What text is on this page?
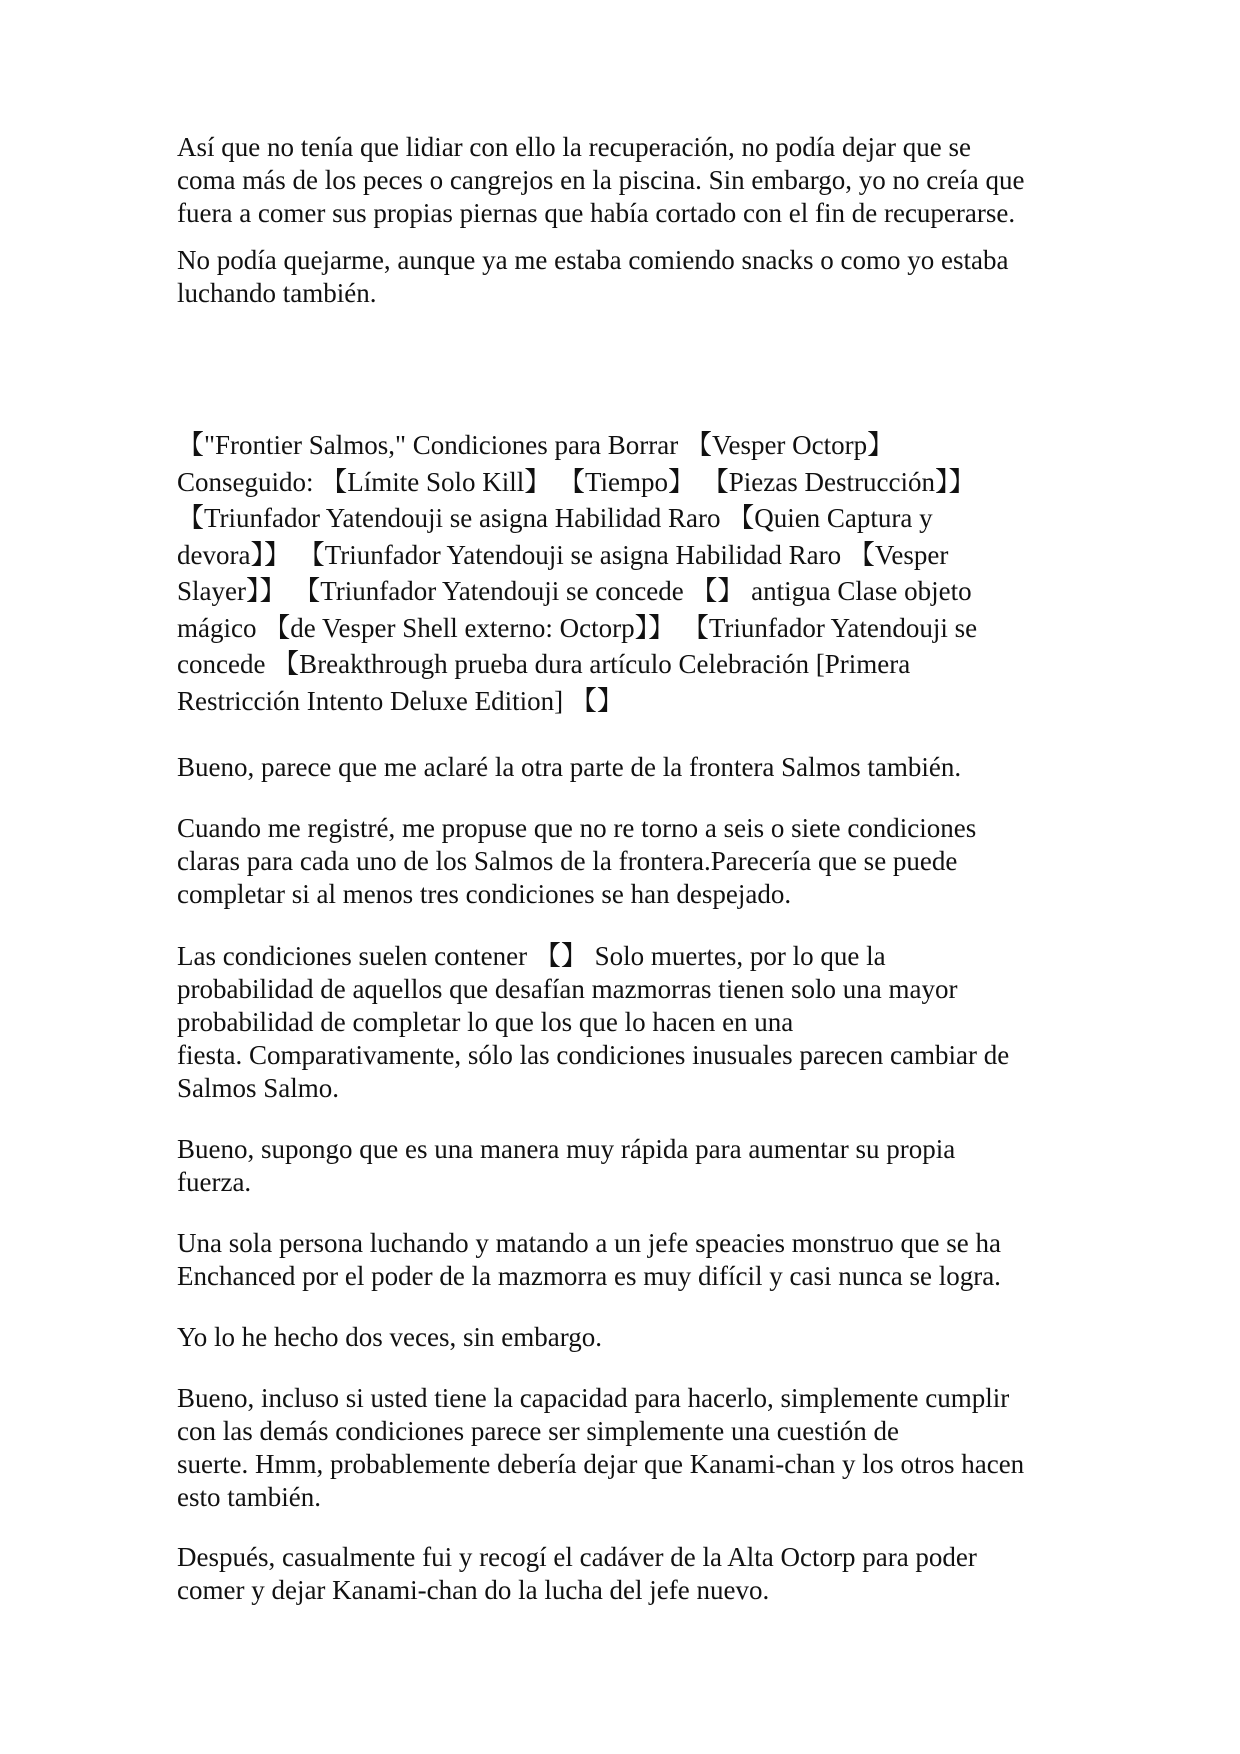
Así que no tenía que lidiar con ello la recuperación, no podía dejar que se
coma más de los peces o cangrejos en la piscina. Sin embargo, yo no creía que
fuera a comer sus propias piernas que había cortado con el fin de recuperarse.

No podía quejarme, aunque ya me estaba comiendo snacks o como yo estaba
luchando también.

【"Frontier Salmos," Condiciones para Borrar 【Vesper Octorp】
Conseguido: 【Límite Solo Kill】 【Tiempo】 【Piezas Destrucción】】
【Triunfador Yatendouji se asigna Habilidad Raro 【Quien Captura y
devora】】 【Triunfador Yatendouji se asigna Habilidad Raro 【Vesper
Slayer】】 【Triunfador Yatendouji se concede 【】 antigua Clase objeto
mágico 【de Vesper Shell externo: Octorp】】 【Triunfador Yatendouji se
concede 【Breakthrough prueba dura artículo Celebración [Primera
Restricción Intento Deluxe Edition] 【】

Bueno, parece que me aclaré la otra parte de la frontera Salmos también.

Cuando me registré, me propuse que no re torno a seis o siete condiciones
claras para cada uno de los Salmos de la frontera.Parecería que se puede
completar si al menos tres condiciones se han despejado.

Las condiciones suelen contener 【】 Solo muertes, por lo que la
probabilidad de aquellos que desafían mazmorras tienen solo una mayor
probabilidad de completar lo que los que lo hacen en una
fiesta. Comparativamente, sólo las condiciones inusuales parecen cambiar de
Salmos Salmo.

Bueno, supongo que es una manera muy rápida para aumentar su propia
fuerza.

Una sola persona luchando y matando a un jefe speacies monstruo que se ha
Enchanced por el poder de la mazmorra es muy difícil y casi nunca se logra.

Yo lo he hecho dos veces, sin embargo.

Bueno, incluso si usted tiene la capacidad para hacerlo, simplemente cumplir
con las demás condiciones parece ser simplemente una cuestión de
suerte. Hmm, probablemente debería dejar que Kanami-chan y los otros hacen
esto también.

Después, casualmente fui y recogí el cadáver de la Alta Octorp para poder
comer y dejar Kanami-chan do la lucha del jefe nuevo.
